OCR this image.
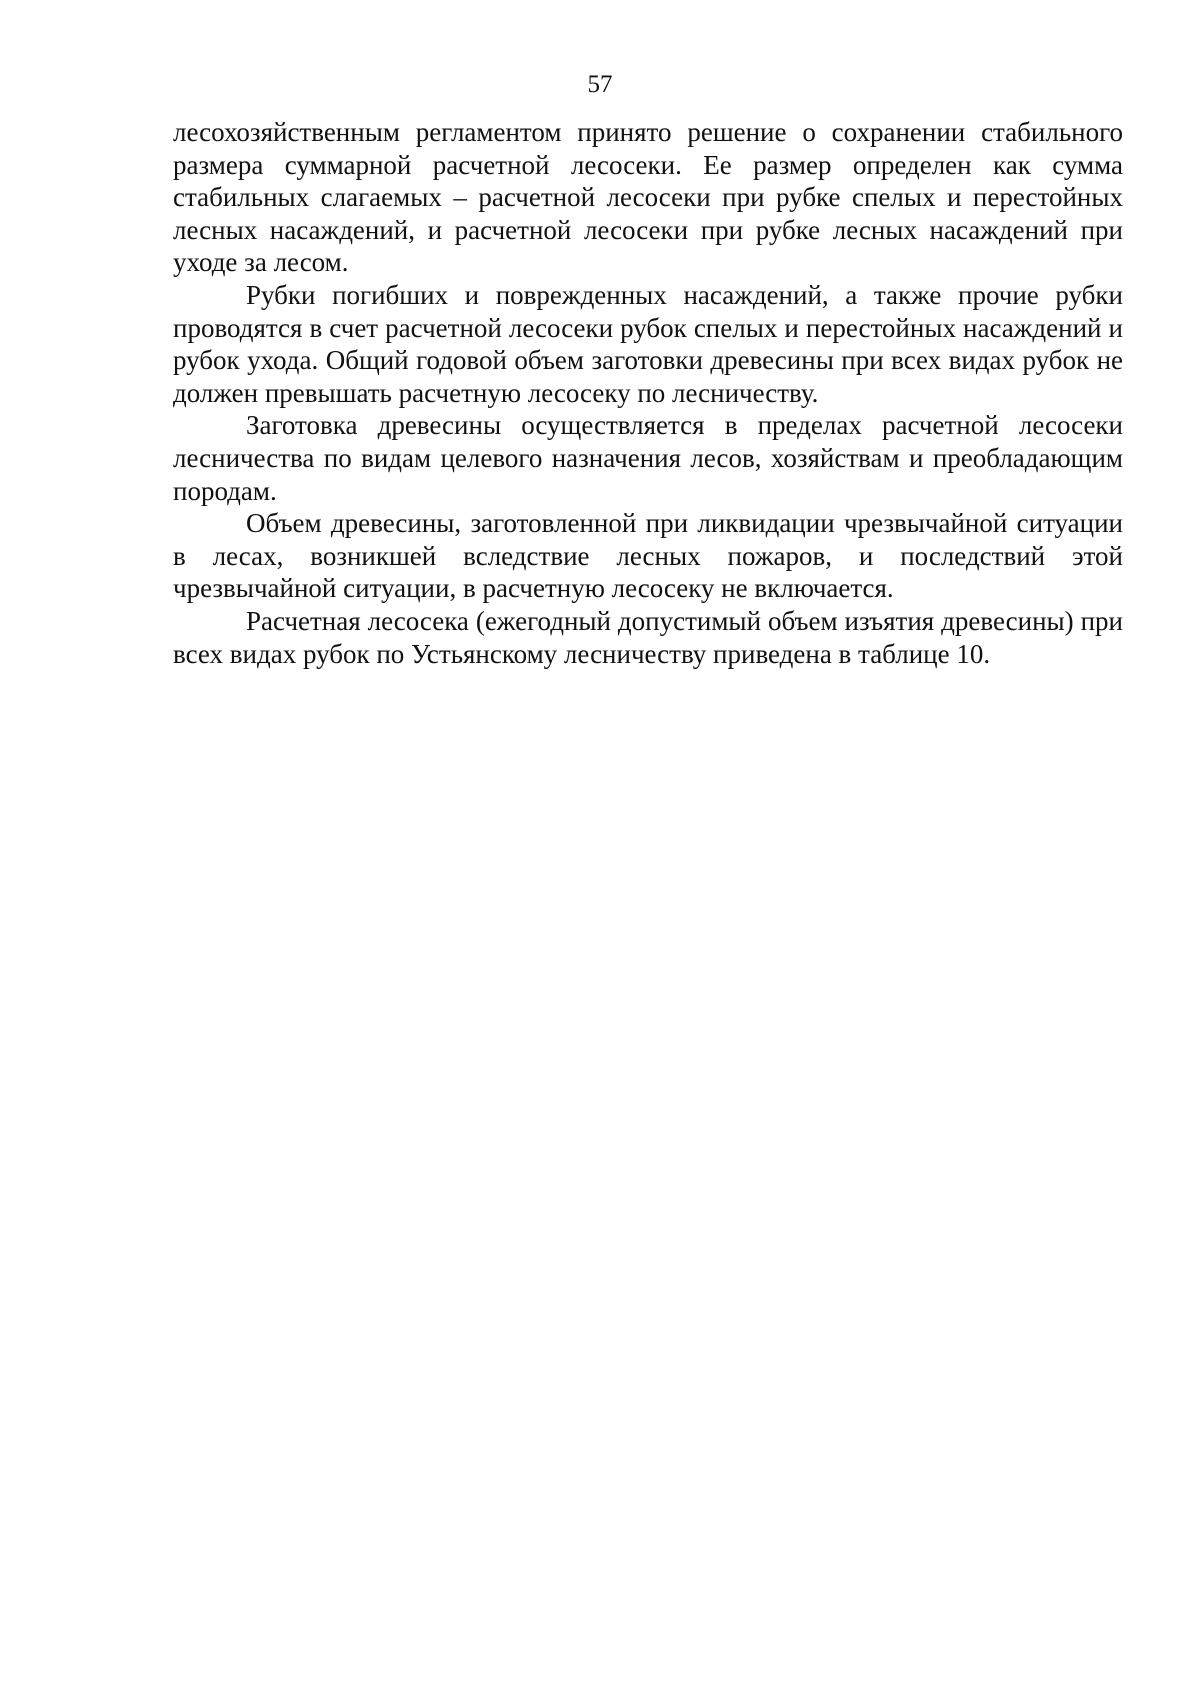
57

лесохозяйственным регламентом принято решение о сохранении стабильного размера суммарной расчетной лесосеки. Ее размер определен как сумма стабильных слагаемых – расчетной лесосеки при рубке спелых и перестойных лесных насаждений, и расчетной лесосеки при рубке лесных насаждений при уходе за лесом.

Рубки погибших и поврежденных насаждений, а также прочие рубки проводятся в счет расчетной лесосеки рубок спелых и перестойных насаждений и рубок ухода. Общий годовой объем заготовки древесины при всех видах рубок не должен превышать расчетную лесосеку по лесничеству.

Заготовка древесины осуществляется в пределах расчетной лесосеки лесничества по видам целевого назначения лесов, хозяйствам и преобладающим породам.

Объем древесины, заготовленной при ликвидации чрезвычайной ситуации в лесах, возникшей вследствие лесных пожаров, и последствий этой чрезвычайной ситуации, в расчетную лесосеку не включается.

Расчетная лесосека (ежегодный допустимый объем изъятия древесины) при всех видах рубок по Устьянскому лесничеству приведена в таблице 10.
